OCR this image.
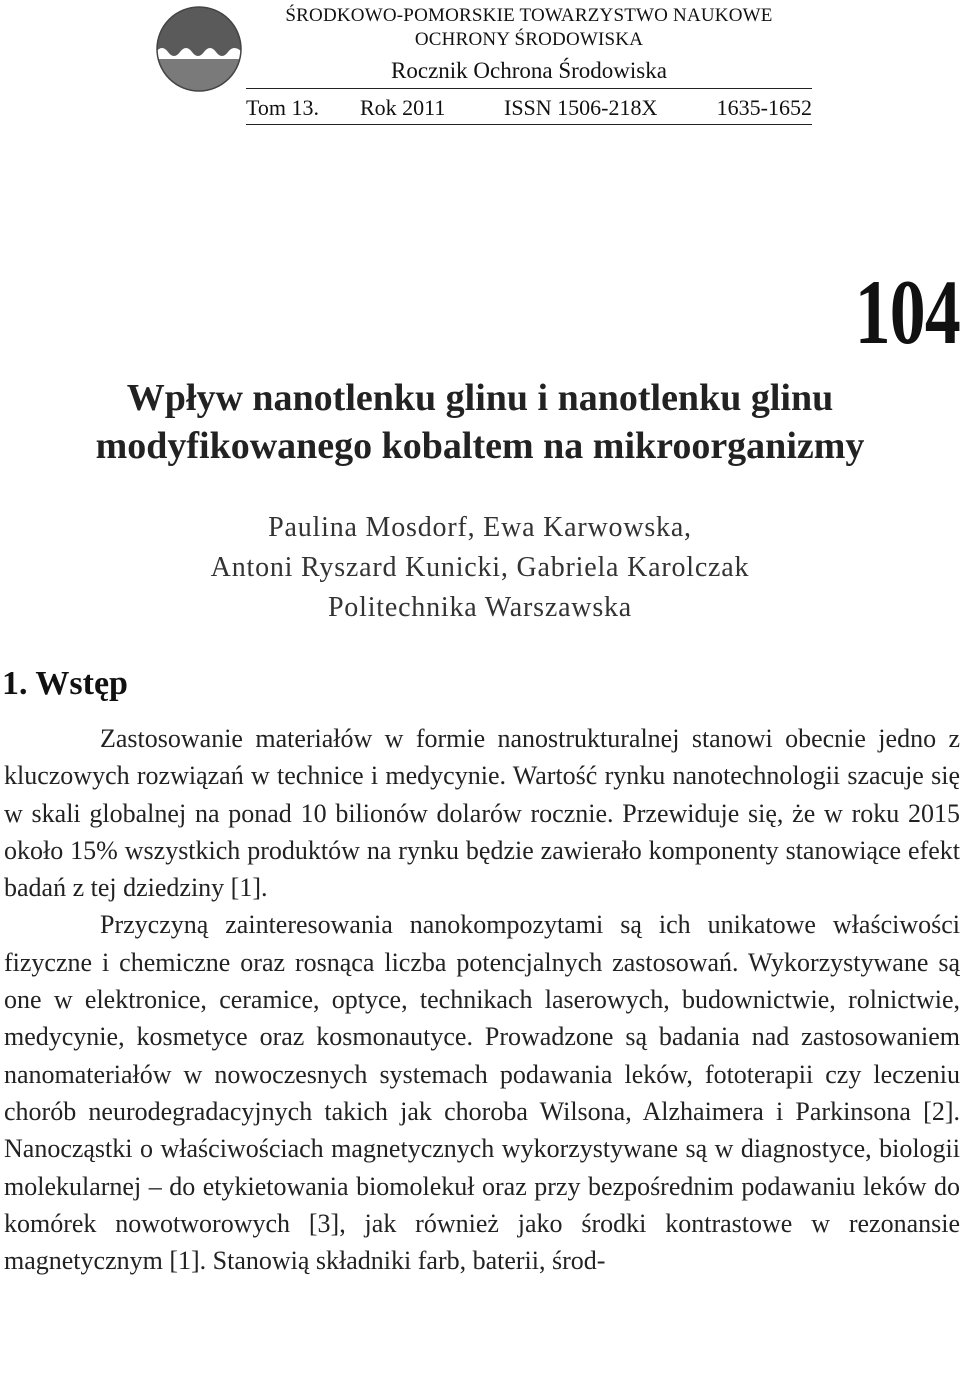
ŚRODKOWO-POMORSKIE TOWARZYSTWO NAUKOWE
OCHRONY ŚRODOWISKA
Rocznik Ochrona Środowiska
Tom 13. Rok 2011	ISSN 1506-218X	1635-1652
104
Wpływ nanotlenku glinu i nanotlenku glinu
modyfikowanego kobaltem na mikroorganizmy
Paulina Mosdorf, Ewa Karwowska,
Antoni Ryszard Kunicki, Gabriela Karolczak
Politechnika Warszawska
1. Wstęp

Zastosowanie materiałów w formie nanostrukturalnej stanowi obecnie jedno z kluczowych rozwiązań w technice i medycynie. Wartość rynku nanotechnologii szacuje się w skali globalnej na ponad 10 bilionów dolarów rocznie. Przewiduje się, że w roku 2015 około 15% wszystkich produktów na rynku będzie zawierało komponenty stanowiące efekt badań z tej dziedziny [1].

Przyczyną zainteresowania nanokompozytami są ich unikatowe właściwości fizyczne i chemiczne oraz rosnąca liczba potencjalnych zastosowań. Wykorzystywane są one w elektronice, ceramice, optyce, technikach laserowych, budownictwie, rolnictwie, medycynie, kosmetyce oraz kosmonautyce. Prowadzone są badania nad zastosowaniem nanomateriałów w nowoczesnych systemach podawania leków, fototerapii czy leczeniu chorób neurodegradacyjnych takich jak choroba Wilsona, Alzhaimera i Parkinsona [2]. Nanocząstki o właściwościach magnetycznych wykorzystywane są w diagnostyce, biologii molekularnej – do etykietowania biomolekuł oraz przy bezpośrednim podawaniu leków do komórek nowotworowych [3], jak również jako środki kontrastowe w rezonansie magnetycznym [1]. Stanowią składniki farb, baterii, środ-
